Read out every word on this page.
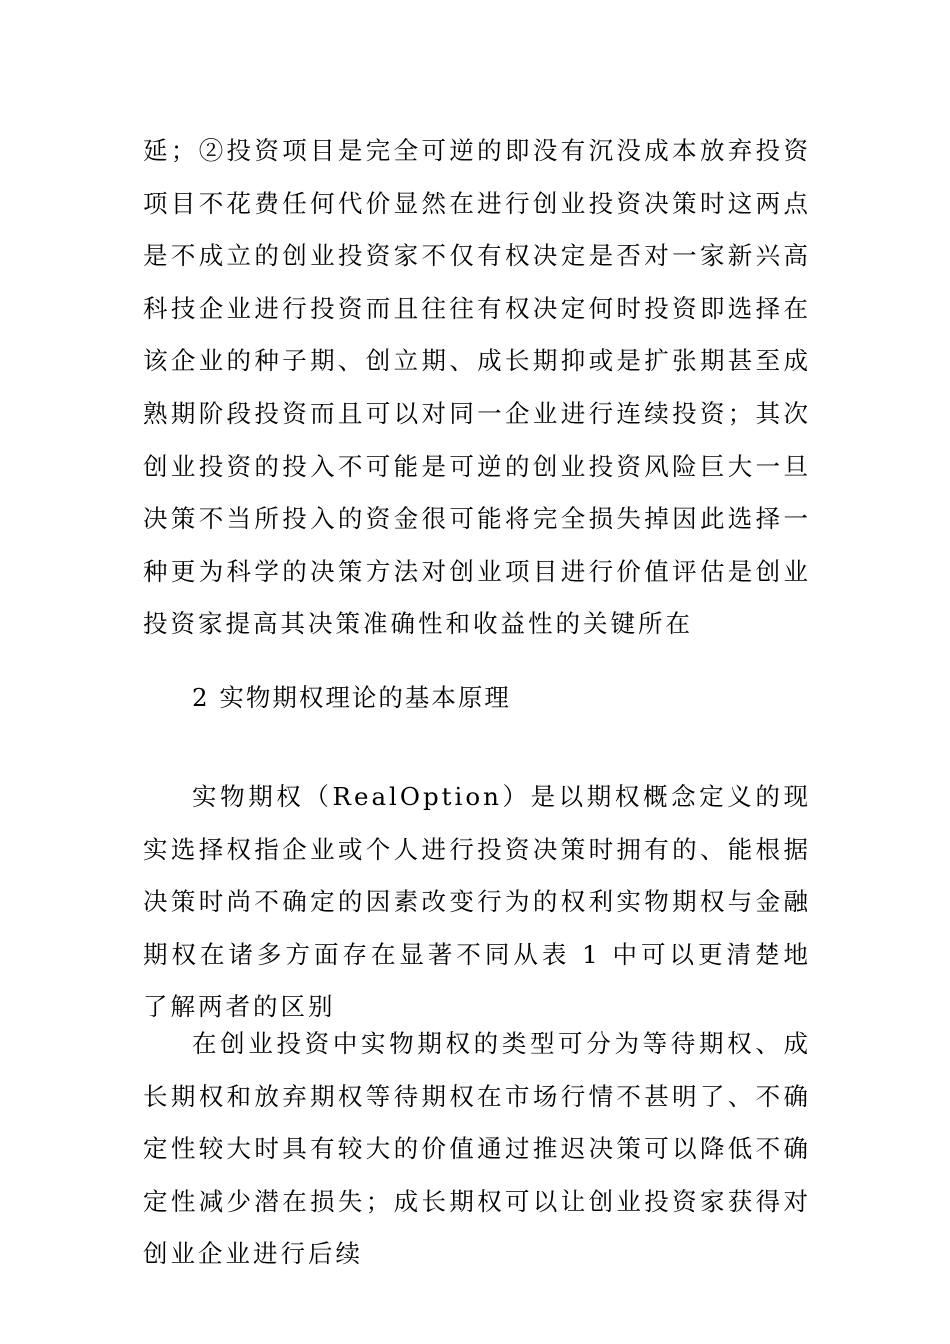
延；②投资项目是完全可逆的即没有沉没成本放弃投资项目不花费任何代价显然在进行创业投资决策时这两点是不成立的创业投资家不仅有权决定是否对一家新兴高科技企业进行投资而且往往有权决定何时投资即选择在该企业的种子期、创立期、成长期抑或是扩张期甚至成熟期阶段投资而且可以对同一企业进行连续投资；其次创业投资的投入不可能是可逆的创业投资风险巨大一旦决策不当所投入的资金很可能将完全损失掉因此选择一种更为科学的决策方法对创业项目进行价值评估是创业投资家提高其决策准确性和收益性的关键所在

2 实物期权理论的基本原理

实物期权（RealOption）是以期权概念定义的现实选择权指企业或个人进行投资决策时拥有的、能根据决策时尚不确定的因素改变行为的权利实物期权与金融期权在诸多方面存在显著不同从表 1 中可以更清楚地了解两者的区别

在创业投资中实物期权的类型可分为等待期权、成长期权和放弃期权等待期权在市场行情不甚明了、不确定性较大时具有较大的价值通过推迟决策可以降低不确定性减少潜在损失；成长期权可以让创业投资家获得对创业企业进行后续
